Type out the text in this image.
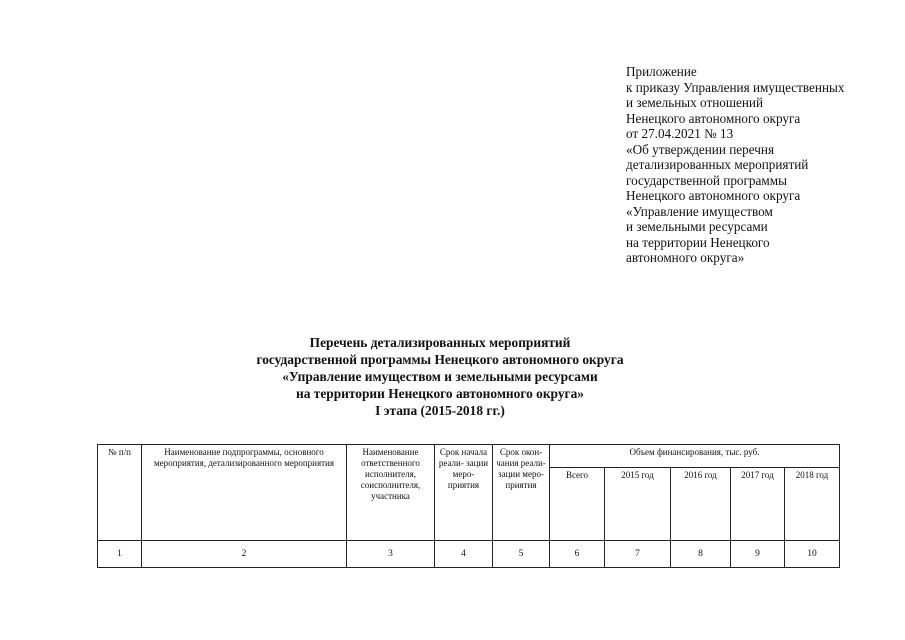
Приложение
к приказу Управления имущественных
и земельных отношений
Ненецкого автономного округа
от 27.04.2021 № 13
«Об утверждении перечня
детализированных мероприятий
государственной программы
Ненецкого автономного округа
«Управление имуществом
и земельными ресурсами
на территории Ненецкого
автономного округа»
Перечень детализированных мероприятий
государственной программы Ненецкого автономного округа
«Управление имуществом и земельными ресурсами
на территории Ненецкого автономного округа»
I этапа (2015-2018 гг.)
№ п/п	Наименование подпрограммы, основного мероприятия, детализированного мероприятия	Наименование ответственного исполнителя, соисполнителя, участника	Срок начала реали- зации меро- приятия	Срок окон- чания реали- зации меро- приятия	Объем финансирования, тыс. руб.				
					Всего	2015 год	2016 год	2017 год	2018 год
1	2	3	4	5	6	7	8	9	10
